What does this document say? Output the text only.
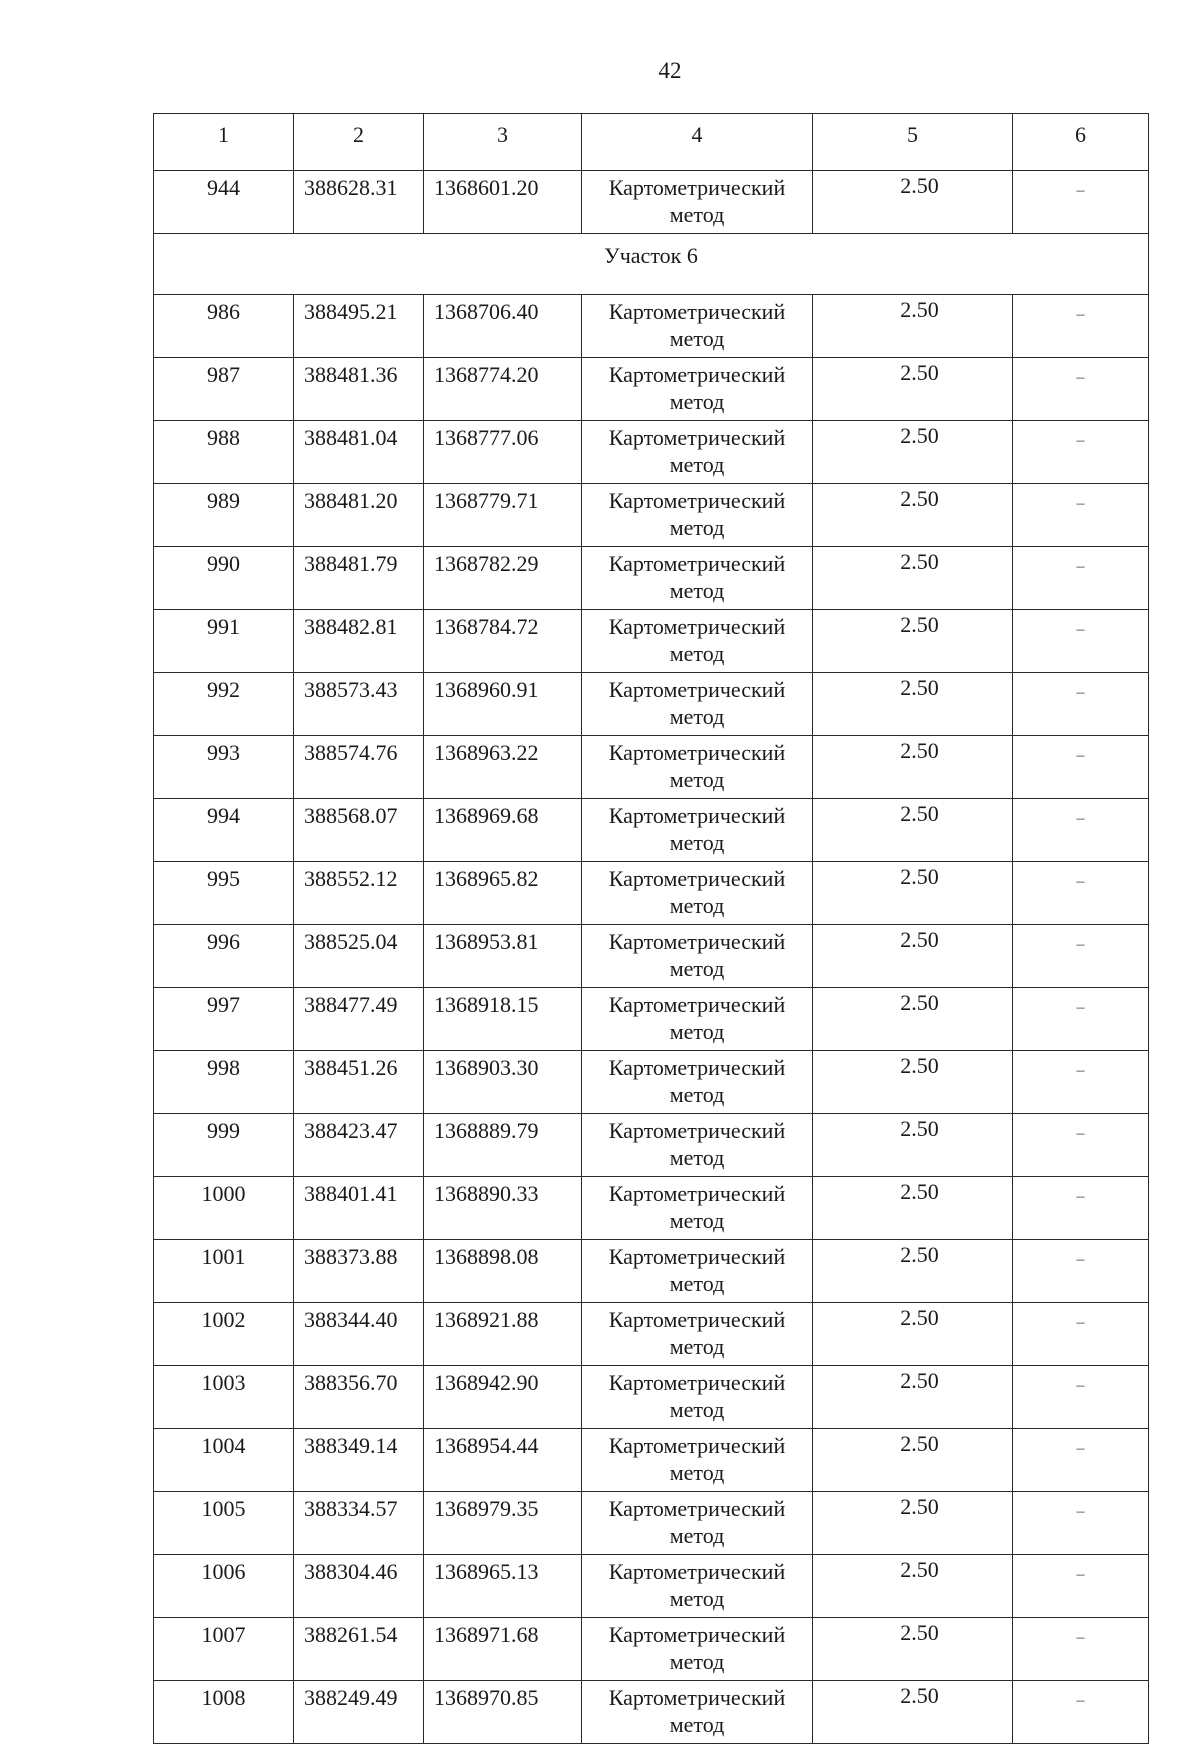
42
1	2	3	4	5	6
944	388628.31	1368601.20	Картометрический метод	2.50	–
Участок 6					
986	388495.21	1368706.40	Картометрический метод	2.50	–
987	388481.36	1368774.20	Картометрический метод	2.50	–
988	388481.04	1368777.06	Картометрический метод	2.50	–
989	388481.20	1368779.71	Картометрический метод	2.50	–
990	388481.79	1368782.29	Картометрический метод	2.50	–
991	388482.81	1368784.72	Картометрический метод	2.50	–
992	388573.43	1368960.91	Картометрический метод	2.50	–
993	388574.76	1368963.22	Картометрический метод	2.50	–
994	388568.07	1368969.68	Картометрический метод	2.50	–
995	388552.12	1368965.82	Картометрический метод	2.50	–
996	388525.04	1368953.81	Картометрический метод	2.50	–
997	388477.49	1368918.15	Картометрический метод	2.50	–
998	388451.26	1368903.30	Картометрический метод	2.50	–
999	388423.47	1368889.79	Картометрический метод	2.50	–
1000	388401.41	1368890.33	Картометрический метод	2.50	–
1001	388373.88	1368898.08	Картометрический метод	2.50	–
1002	388344.40	1368921.88	Картометрический метод	2.50	–
1003	388356.70	1368942.90	Картометрический метод	2.50	–
1004	388349.14	1368954.44	Картометрический метод	2.50	–
1005	388334.57	1368979.35	Картометрический метод	2.50	–
1006	388304.46	1368965.13	Картометрический метод	2.50	–
1007	388261.54	1368971.68	Картометрический метод	2.50	–
1008	388249.49	1368970.85	Картометрический метод	2.50	–
